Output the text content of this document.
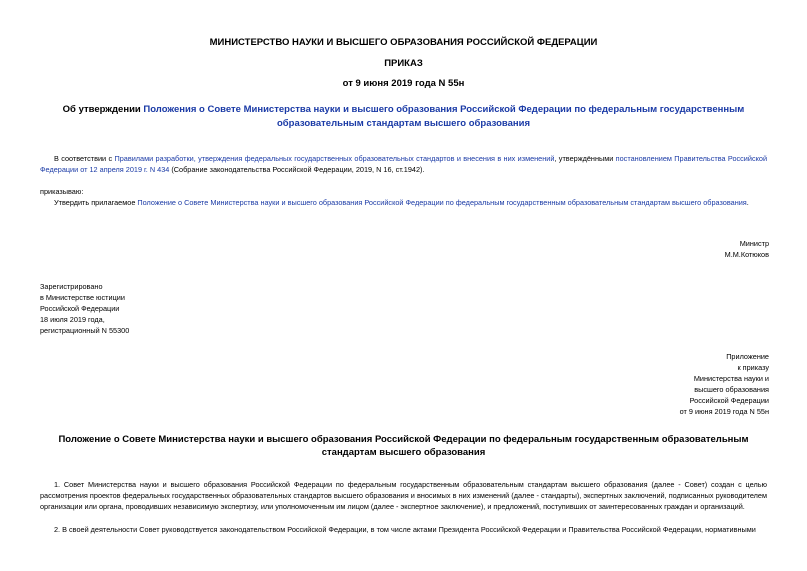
МИНИСТЕРСТВО НАУКИ И ВЫСШЕГО ОБРАЗОВАНИЯ РОССИЙСКОЙ ФЕДЕРАЦИИ
ПРИКАЗ
от 9 июня 2019 года N 55н
Об утверждении Положения о Совете Министерства науки и высшего образования Российской Федерации по федеральным государственным образовательным стандартам высшего образования
В соответствии с Правилами разработки, утверждения федеральных государственных образовательных стандартов и внесения в них изменений, утверждёнными постановлением Правительства Российской Федерации от 12 апреля 2019 г. N 434 (Собрание законодательства Российской Федерации, 2019, N 16, ст.1942).
приказываю:
Утвердить прилагаемое Положение о Совете Министерства науки и высшего образования Российской Федерации по федеральным государственным образовательным стандартам высшего образования.
Министр
М.М.Котюков
Зарегистрировано
в Министерстве юстиции
Российской Федерации
18 июля 2019 года,
регистрационный N 55300
Приложение
к приказу
Министерства науки и
высшего образования
Российской Федерации
от 9 июня 2019 года N 55н
Положение о Совете Министерства науки и высшего образования Российской Федерации по федеральным государственным образовательным стандартам высшего образования
1. Совет Министерства науки и высшего образования Российской Федерации по федеральным государственным образовательным стандартам высшего образования (далее - Совет) создан с целью рассмотрения проектов федеральных государственных образовательных стандартов высшего образования и вносимых в них изменений (далее - стандарты), экспертных заключений, подписанных руководителем организации или органа, проводивших независимую экспертизу, или уполномоченным им лицом (далее - экспертное заключение), и предложений, поступивших от заинтересованных граждан и организаций.
2. В своей деятельности Совет руководствуется законодательством Российской Федерации, в том числе актами Президента Российской Федерации и Правительства Российской Федерации, нормативными
